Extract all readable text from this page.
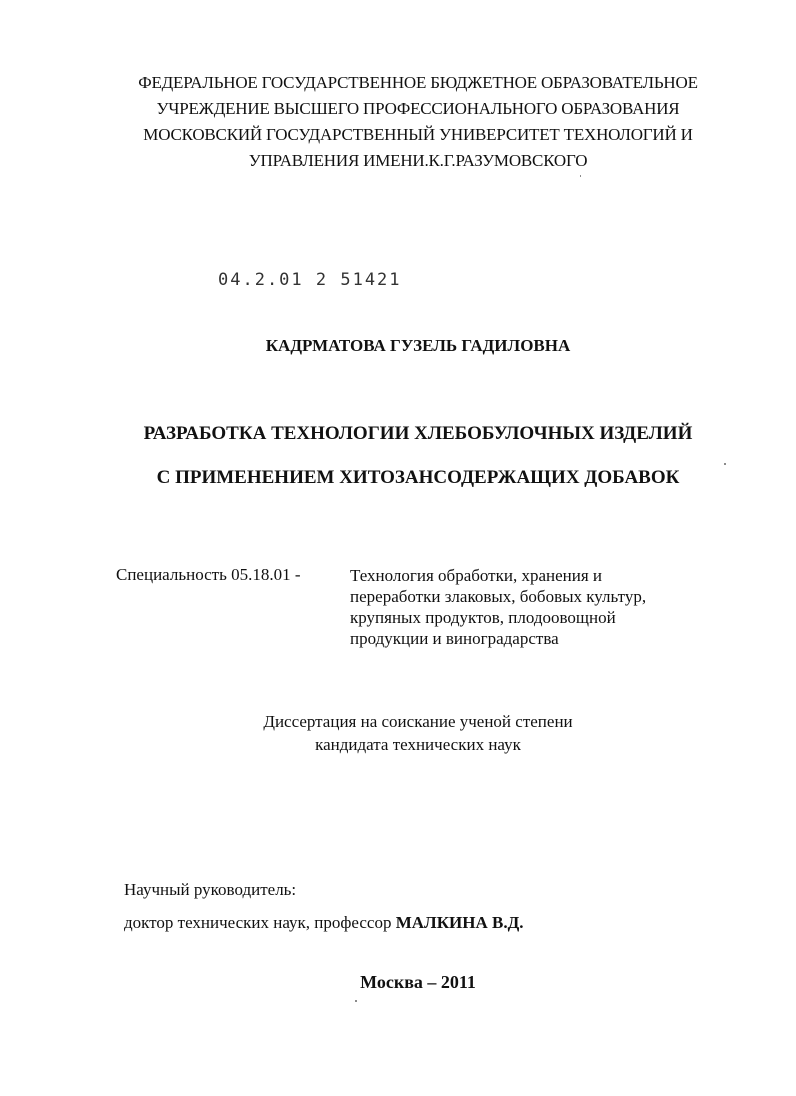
ФЕДЕРАЛЬНОЕ ГОСУДАРСТВЕННОЕ БЮДЖЕТНОЕ ОБРАЗОВАТЕЛЬНОЕ
УЧРЕЖДЕНИЕ ВЫСШЕГО ПРОФЕССИОНАЛЬНОГО ОБРАЗОВАНИЯ
МОСКОВСКИЙ ГОСУДАРСТВЕННЫЙ УНИВЕРСИТЕТ ТЕХНОЛОГИЙ И
УПРАВЛЕНИЯ ИМЕНИ.К.Г.РАЗУМОВСКОГО
04.2.01 2 51421
КАДРМАТОВА ГУЗЕЛЬ ГАДИЛОВНА
РАЗРАБОТКА ТЕХНОЛОГИИ ХЛЕБОБУЛОЧНЫХ ИЗДЕЛИЙ
С ПРИМЕНЕНИЕМ ХИТОЗАНСОДЕРЖАЩИХ ДОБАВОК
Специальность 05.18.01 -	Технология обработки, хранения и
переработки злаковых, бобовых культур,
крупяных продуктов, плодоовощной
продукции и виноградарства
Диссертация на соискание ученой степени
кандидата технических наук
Научный руководитель:
доктор технических наук, профессор МАЛКИНА В.Д.
Москва – 2011
